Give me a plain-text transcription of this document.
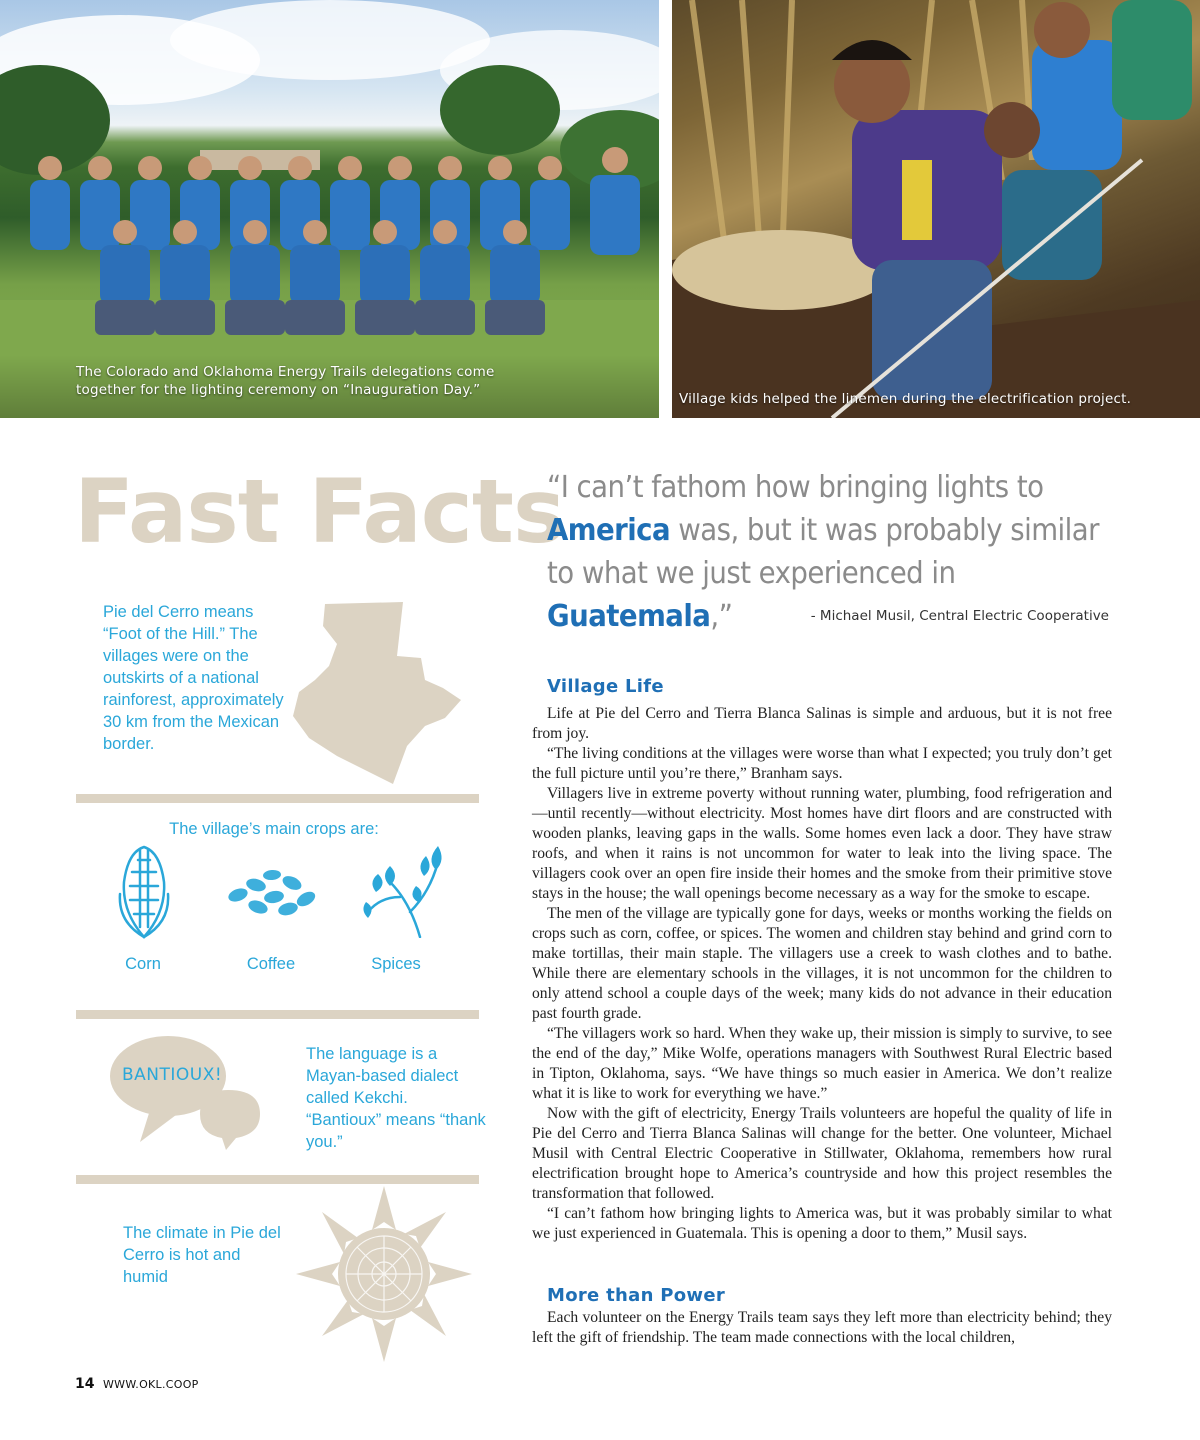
The Colorado and Oklahoma Energy Trails delegations come together for the lighting ceremony on “Inauguration Day.”
Village kids helped the linemen during the electrification project.
Fast Facts
Pie del Cerro means “Foot of the Hill.” The villages were on the outskirts of a national rainforest, approximately 30 km from the Mexican border.
The village’s main crops are:
Corn	Coffee	Spices
BANTIOUX!
The language is a Mayan-based dialect called Kekchi. “Bantioux” means “thank you.”
The climate in Pie del Cerro is hot and humid
“I can’t fathom how bringing lights to
America was, but it was probably similar to what we just experienced in Guatemala,”	- Michael Musil, Central Electric Cooperative
Village Life

Life at Pie del Cerro and Tierra Blanca Salinas is simple and arduous, but it is not free from joy.

“The living conditions at the villages were worse than what I expected; you truly don’t get the full picture until you’re there,” Branham says.

Villagers live in extreme poverty without running water, plumbing, food refrigeration and—until recently—without electricity. Most homes have dirt floors and are constructed with wooden planks, leaving gaps in the walls. Some homes even lack a door. They have straw roofs, and when it rains is not uncommon for water to leak into the living space. The villagers cook over an open fire inside their homes and the smoke from their primitive stove stays in the house; the wall openings become necessary as a way for the smoke to escape.

The men of the village are typically gone for days, weeks or months working the fields on crops such as corn, coffee, or spices. The women and children stay behind and grind corn to make tortillas, their main staple. The villagers use a creek to wash clothes and to bathe. While there are elementary schools in the villages, it is not uncommon for the children to only attend school a couple days of the week; many kids do not advance in their education past fourth grade.

“The villagers work so hard. When they wake up, their mission is simply to survive, to see the end of the day,” Mike Wolfe, operations managers with Southwest Rural Electric based in Tipton, Oklahoma, says. “We have things so much easier in America. We don’t realize what it is like to work for everything we have.”

Now with the gift of electricity, Energy Trails volunteers are hopeful the quality of life in Pie del Cerro and Tierra Blanca Salinas will change for the better. One volunteer, Michael Musil with Central Electric Cooperative in Stillwater, Oklahoma, remembers how rural electrification brought hope to America’s countryside and how this project resembles the transformation that followed.

“I can’t fathom how bringing lights to America was, but it was probably similar to what we just experienced in Guatemala. This is opening a door to them,” Musil says.

More than Power

Each volunteer on the Energy Trails team says they left more than electricity behind; they left the gift of friendship. The team made connections with the local children,

14 WWW.OKL.COOP
